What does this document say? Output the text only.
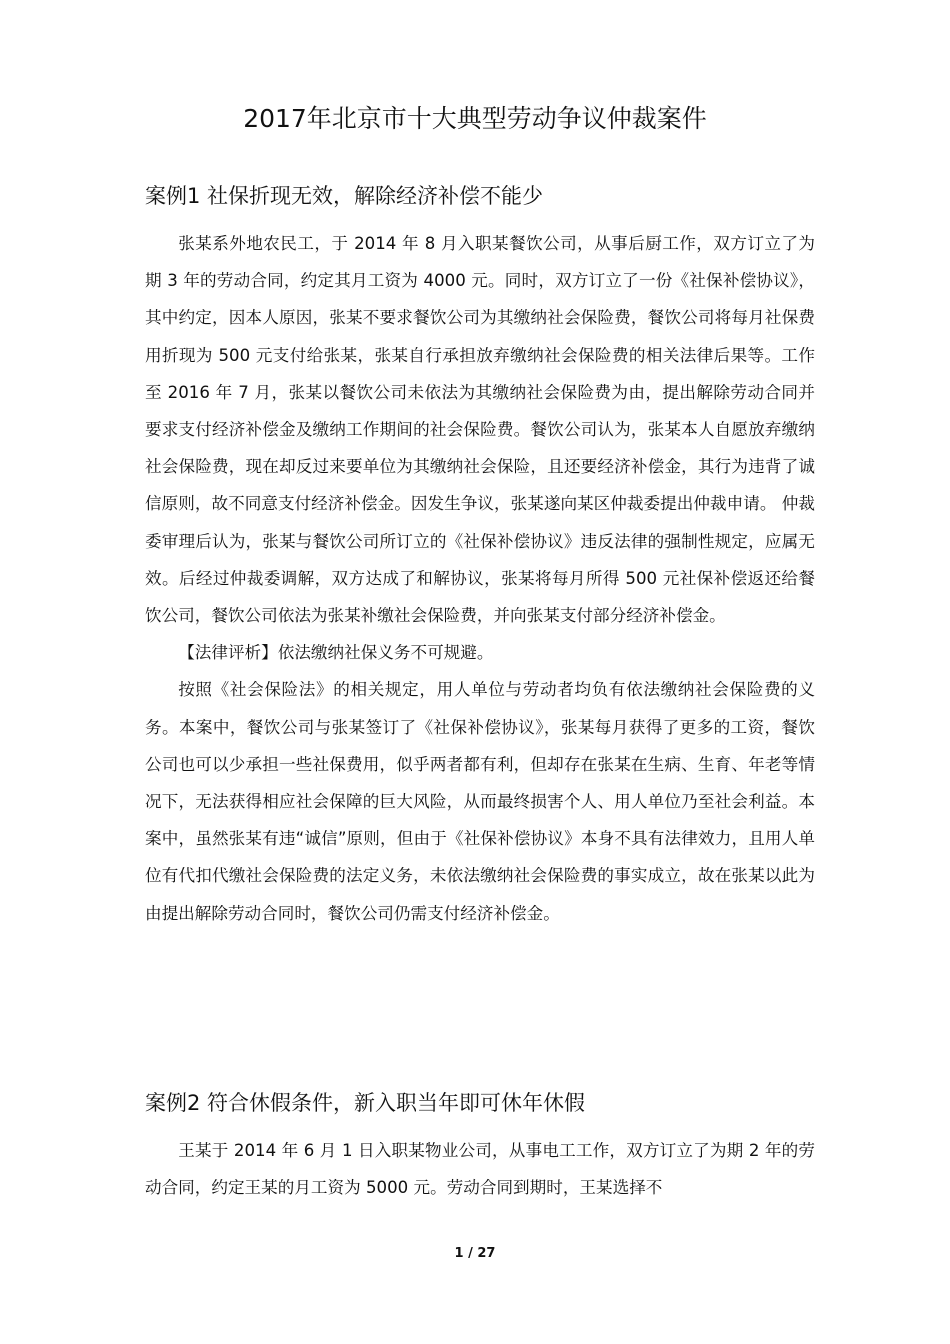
2017年北京市十大典型劳动争议仲裁案件
案例1 社保折现无效，解除经济补偿不能少

张某系外地农民工，于 2014 年 8 月入职某餐饮公司，从事后厨工作，双方订立了为期 3 年的劳动合同，约定其月工资为 4000 元。同时，双方订立了一份《社保补偿协议》，其中约定，因本人原因，张某不要求餐饮公司为其缴纳社会保险费，餐饮公司将每月社保费用折现为 500 元支付给张某，张某自行承担放弃缴纳社会保险费的相关法律后果等。工作至 2016 年 7 月，张某以餐饮公司未依法为其缴纳社会保险费为由，提出解除劳动合同并要求支付经济补偿金及缴纳工作期间的社会保险费。餐饮公司认为，张某本人自愿放弃缴纳社会保险费，现在却反过来要单位为其缴纳社会保险，且还要经济补偿金，其行为违背了诚信原则，故不同意支付经济补偿金。因发生争议，张某遂向某区仲裁委提出仲裁申请。 仲裁委审理后认为，张某与餐饮公司所订立的《社保补偿协议》违反法律的强制性规定，应属无效。后经过仲裁委调解，双方达成了和解协议，张某将每月所得 500 元社保补偿返还给餐饮公司，餐饮公司依法为张某补缴社会保险费，并向张某支付部分经济补偿金。

【法律评析】依法缴纳社保义务不可规避。

按照《社会保险法》的相关规定，用人单位与劳动者均负有依法缴纳社会保险费的义务。本案中，餐饮公司与张某签订了《社保补偿协议》，张某每月获得了更多的工资，餐饮公司也可以少承担一些社保费用，似乎两者都有利，但却存在张某在生病、生育、年老等情况下，无法获得相应社会保障的巨大风险，从而最终损害个人、用人单位乃至社会利益。本案中，虽然张某有违“诚信”原则，但由于《社保补偿协议》本身不具有法律效力，且用人单位有代扣代缴社会保险费的法定义务，未依法缴纳社会保险费的事实成立，故在张某以此为由提出解除劳动合同时，餐饮公司仍需支付经济补偿金。

案例2 符合休假条件，新入职当年即可休年休假

王某于 2014 年 6 月 1 日入职某物业公司，从事电工工作，双方订立了为期 2 年的劳动合同，约定王某的月工资为 5000 元。劳动合同到期时，王某选择不

1 / 27
